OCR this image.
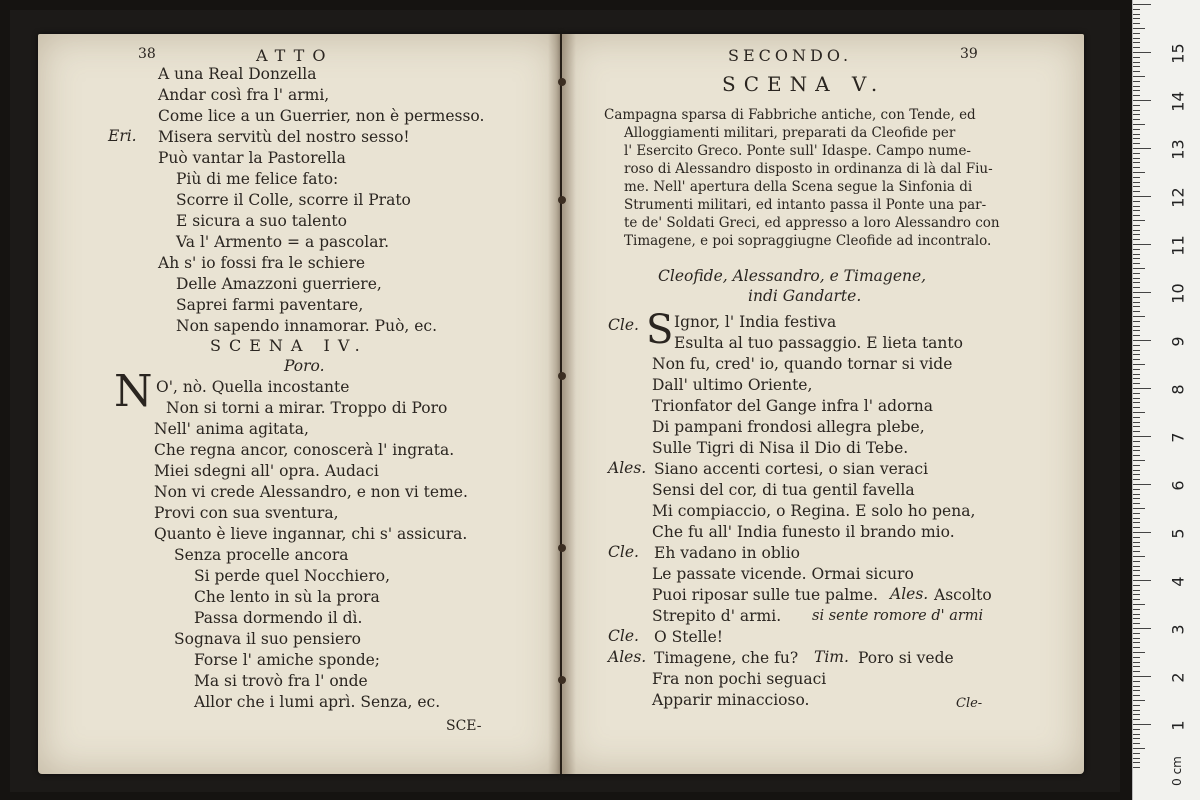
38	ATTO
A una Real Donzella
Andar così fra l' armi,
Come lice a un Guerrier, non è permesso.
Eri. Misera servitù del nostro sesso!
Può vantar la Pastorella
Più di me felice fato:
Scorre il Colle, scorre il Prato
E sicura a suo talento
Va l' Armento = a pascolar.
Ah s' io fossi fra le schiere
Delle Amazzoni guerriere,
Saprei farmi paventare,
Non sapendo innamorar. Può, ec.
SCENA IV.
Poro.
N O', nò. Quella incostante
Non si torni a mirar. Troppo di Poro
Nell' anima agitata,
Che regna ancor, conoscerà l' ingrata.
Miei sdegni all' opra. Audaci
Non vi crede Alessandro, e non vi teme.
Provi con sua sventura,
Quanto è lieve ingannar, chi s' assicura.
Senza procelle ancora
Si perde quel Nocchiero,
Che lento in sù la prora
Passa dormendo il dì.
Sognava il suo pensiero
Forse l' amiche sponde;
Ma si trovò fra l' onde
Allor che i lumi aprì. Senza, ec.
SCE-
SECONDO.	39
SCENA V.
Campagna sparsa di Fabbriche antiche, con Tende, ed
Alloggiamenti militari, preparati da Cleofide per
l' Esercito Greco. Ponte sull' Idaspe. Campo nume-
roso di Alessandro disposto in ordinanza di là dal Fiu-
me. Nell' apertura della Scena segue la Sinfonia di
Strumenti militari, ed intanto passa il Ponte una par-
te de' Soldati Greci, ed appresso a loro Alessandro con
Timagene, e poi sopraggiugne Cleofide ad incontralo.
Cleofide, Alessandro, e Timagene,
indi Gandarte.
Cle. S Ignor, l' India festiva
Esulta al tuo passaggio. E lieta tanto
Non fu, cred' io, quando tornar si vide
Dall' ultimo Oriente,
Trionfator del Gange infra l' adorna
Di pampani frondosi allegra plebe,
Sulle Tigri di Nisa il Dio di Tebe.
Ales. Siano accenti cortesi, o sian veraci
Sensi del cor, di tua gentil favella
Mi compiaccio, o Regina. E solo ho pena,
Che fu all' India funesto il brando mio.
Cle. Eh vadano in oblio
Le passate vicende. Ormai sicuro
Puoi riposar sulle tue palme. Ales. Ascolto
Strepito d' armi. si sente romore d' armi
Cle. O Stelle!
Ales. Timagene, che fu? Tim. Poro si vede
Fra non pochi seguaci
Apparir minaccioso.	Cle-
15
14
13
12
11
10
9
8
7
6
5
4
3
2
1
0 cm
